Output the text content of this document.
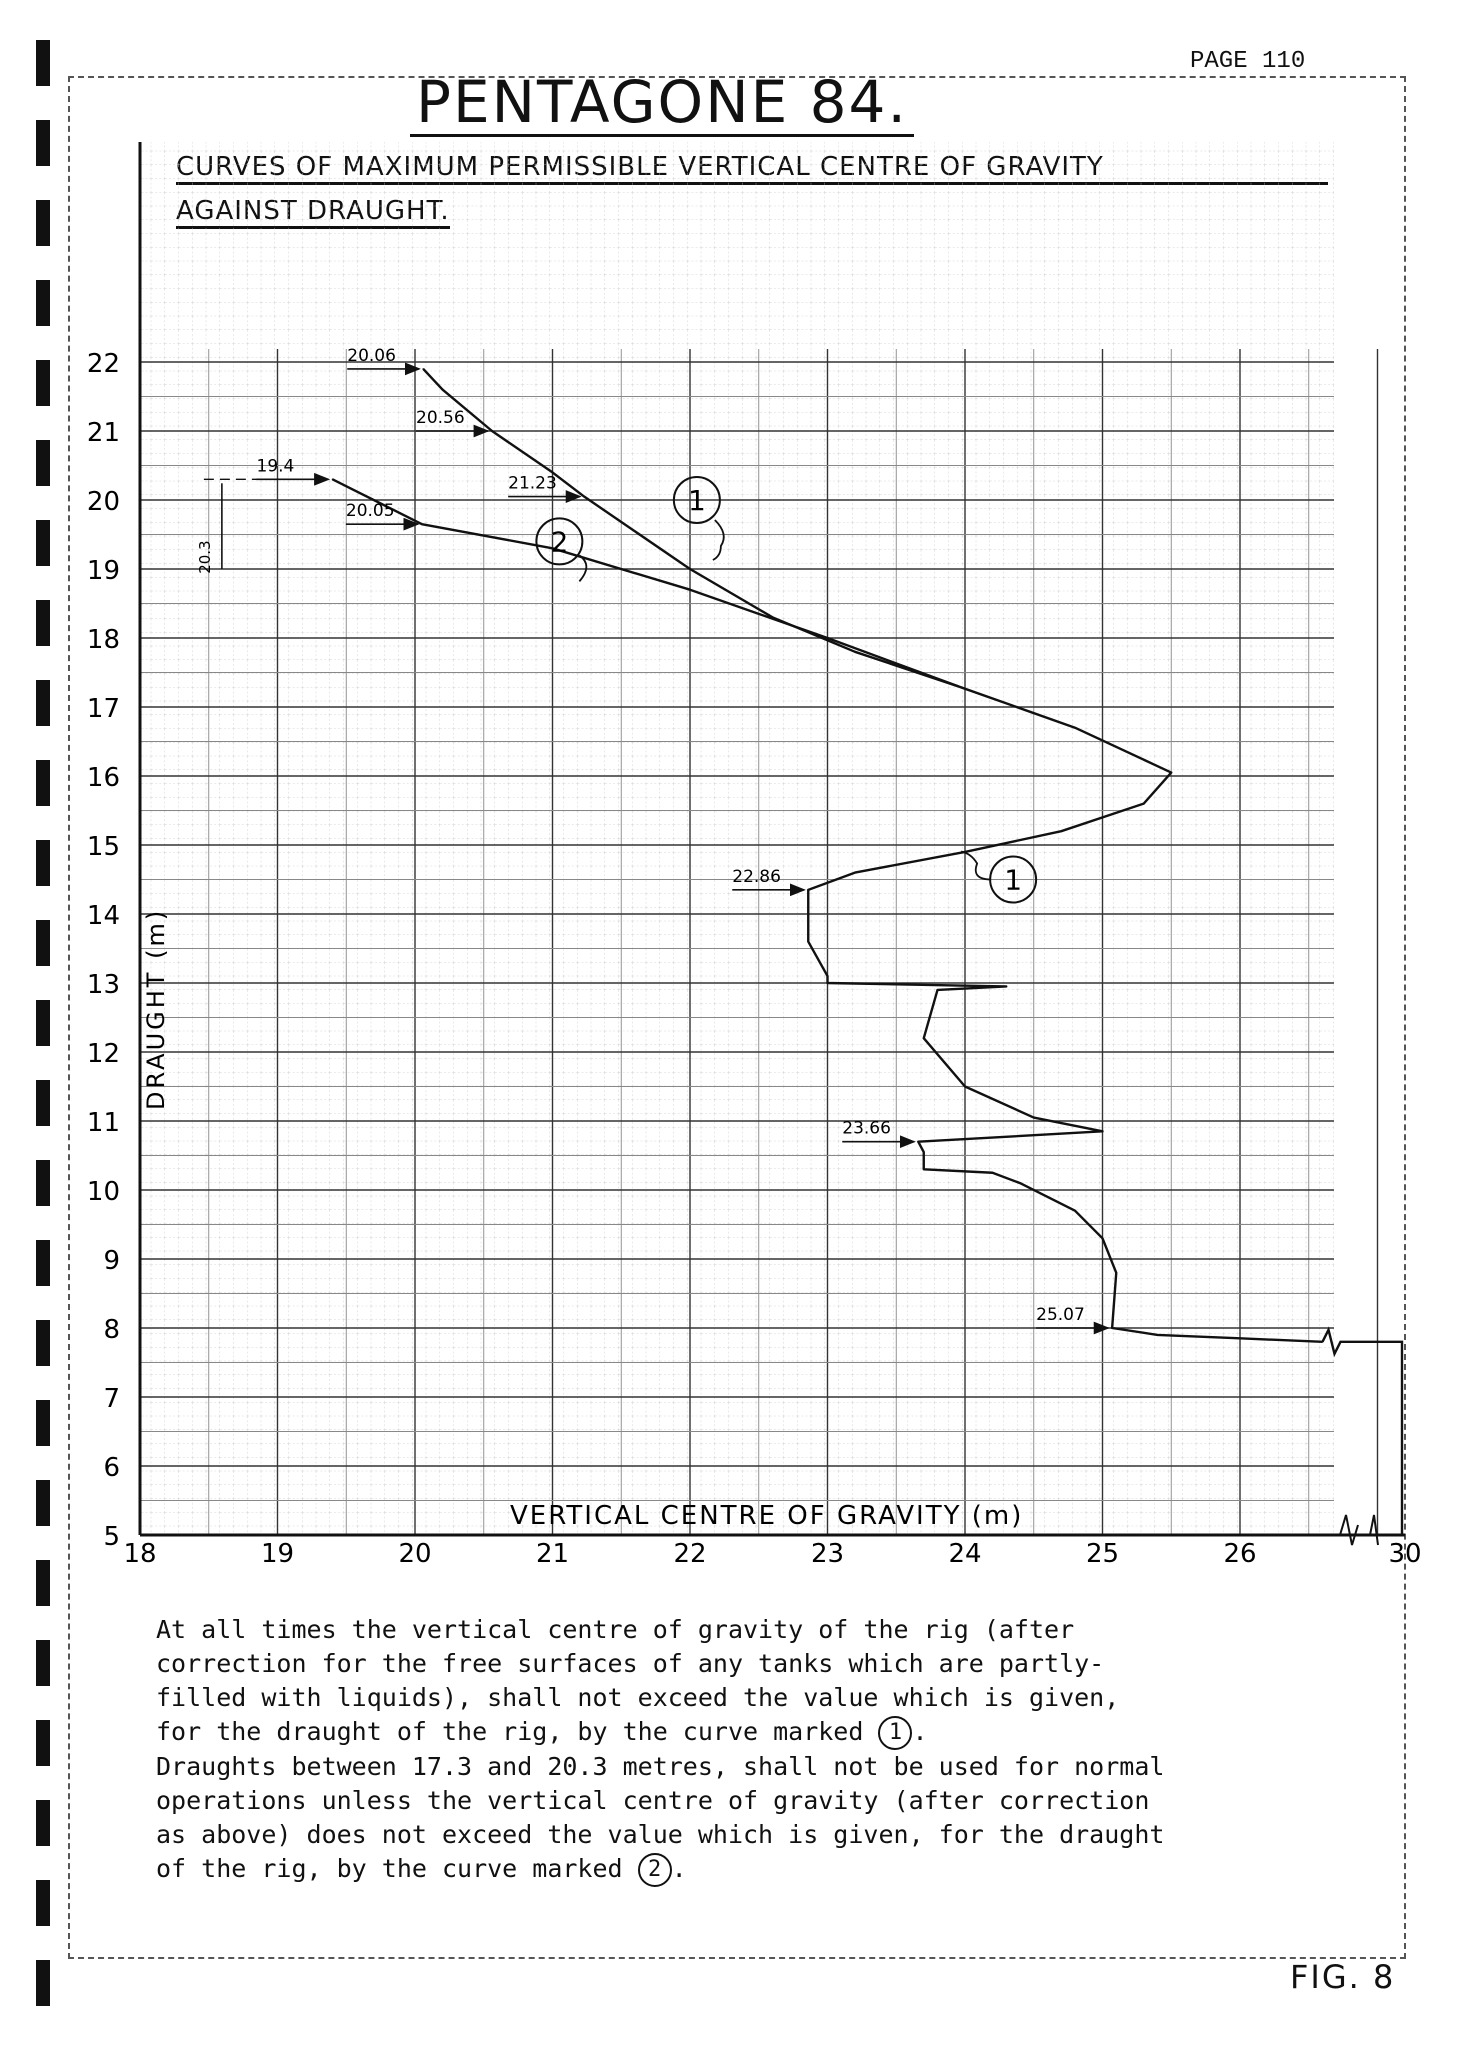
PAGE 110
PENTAGONE 84.
5
6
7
8
9
10
11
12
13
14
15
16
17
18
19
20
21
22
18	19	20	21	22	23	24	25	26	30
20.06
20.56
21.23
19.4
20.05
22.86
23.66
25.07
20.3
1
2
1
VERTICAL CENTRE OF GRAVITY (m)
DRAUGHT (m)
At all times the vertical centre of gravity of the rig (after
correction for the free surfaces of any tanks which are partly-
filled with liquids), shall not exceed the value which is given,
for the draught of the rig, by the curve marked 1 .
Draughts between 17.3 and 20.3 metres, shall not be used for normal
operations unless the vertical centre of gravity (after correction
as above) does not exceed the value which is given, for the draught
of the rig, by the curve marked 2 .
FIG. 8
